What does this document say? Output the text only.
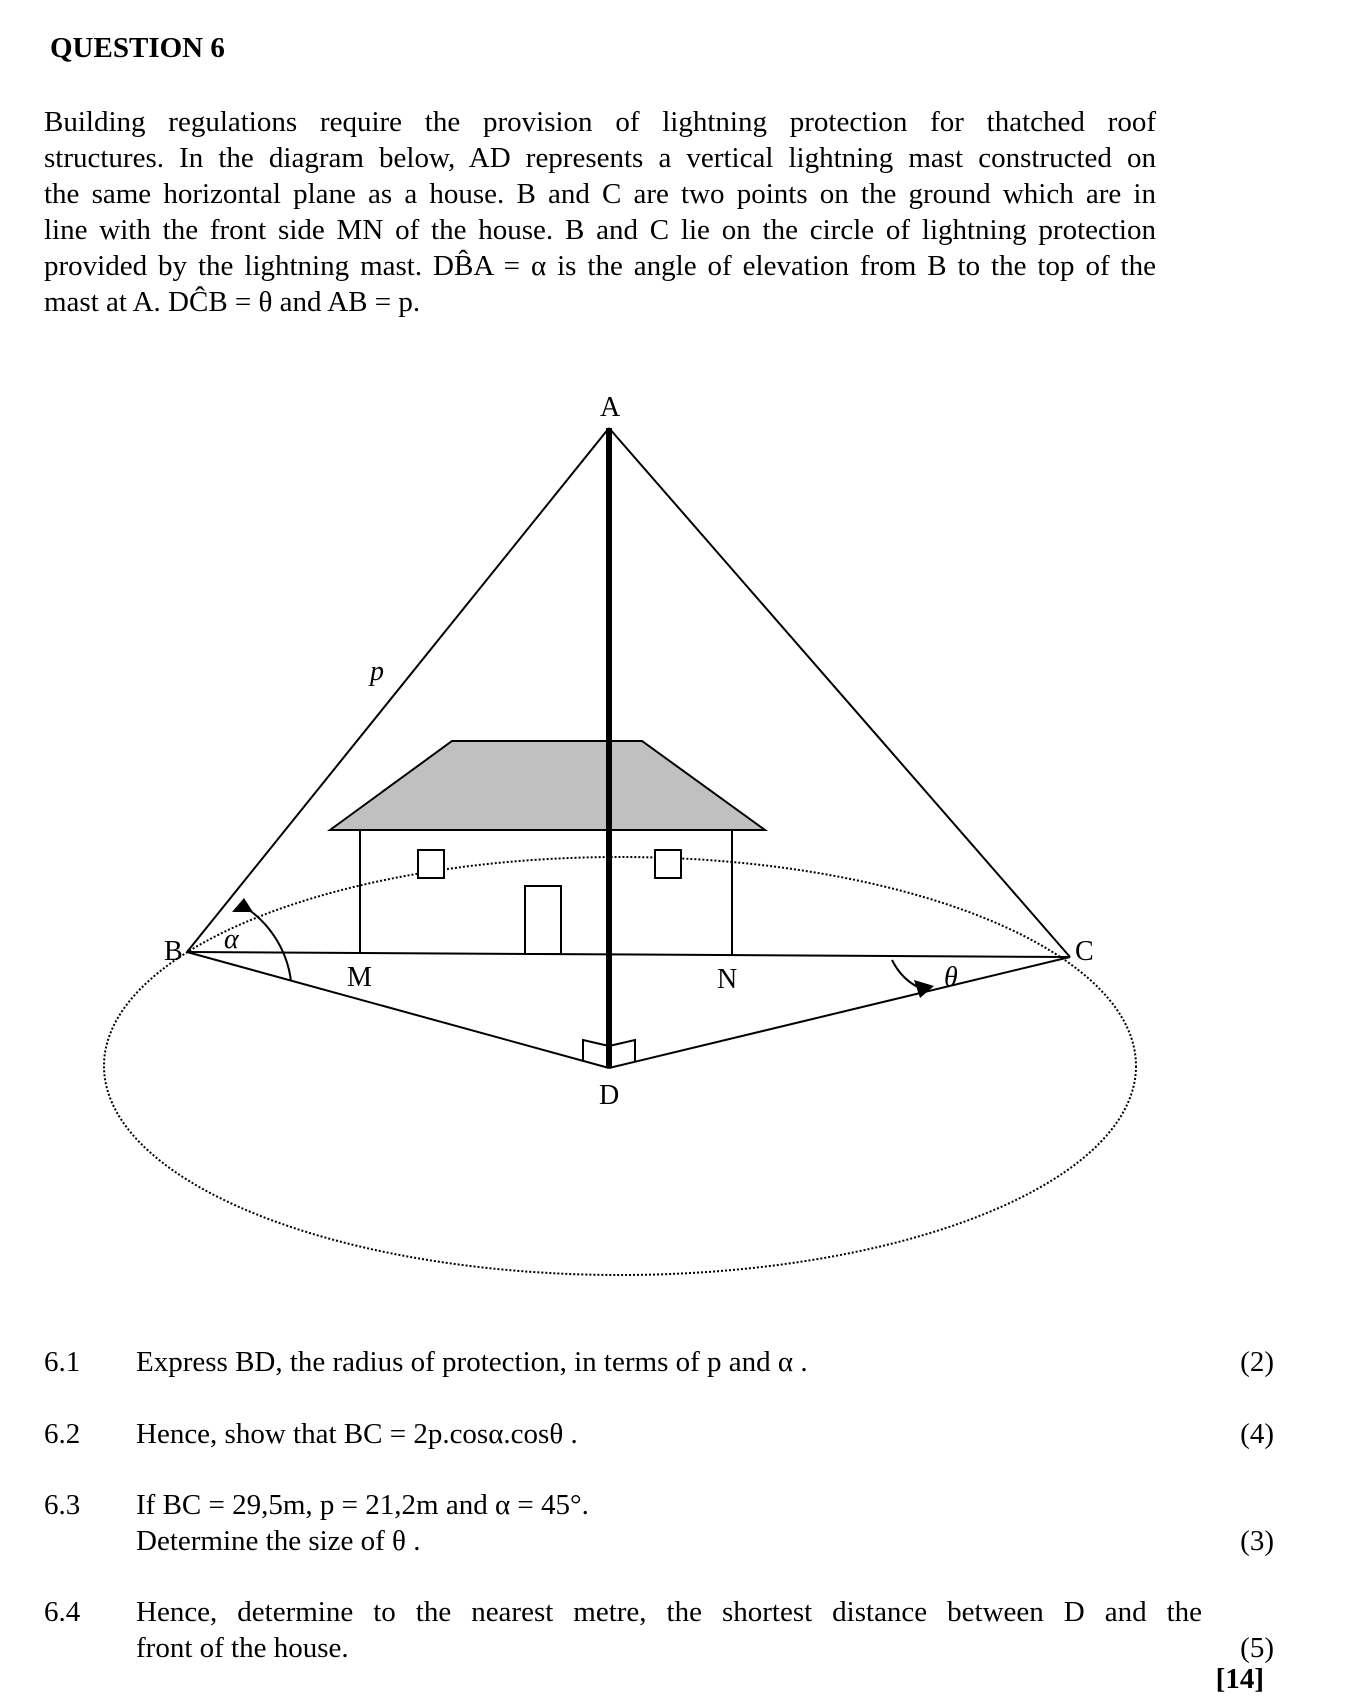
QUESTION 6
Building regulations require the provision of lightning protection for thatched roof
structures. In the diagram below, AD represents a vertical lightning mast constructed on
the same horizontal plane as a house. B and C are two points on the ground which are in
line with the front side MN of the house. B and C lie on the circle of lightning protection
provided by the lightning mast. DB̂A = α is the angle of elevation from B to the top of the
mast at A. DĈB = θ and AB = p.
A
B	C
D
M	N
p
α
θ
6.1 Express BD, the radius of protection, in terms of p and α .	(2)
6.2 Hence, show that BC = 2p.cosα.cosθ .	(4)
6.3 If BC = 29,5m, p = 21,2m and α = 45°.
Determine the size of θ .	(3)
6.4 Hence, determine to the nearest metre, the shortest distance between D and the
front of the house.	(5)
[14]
